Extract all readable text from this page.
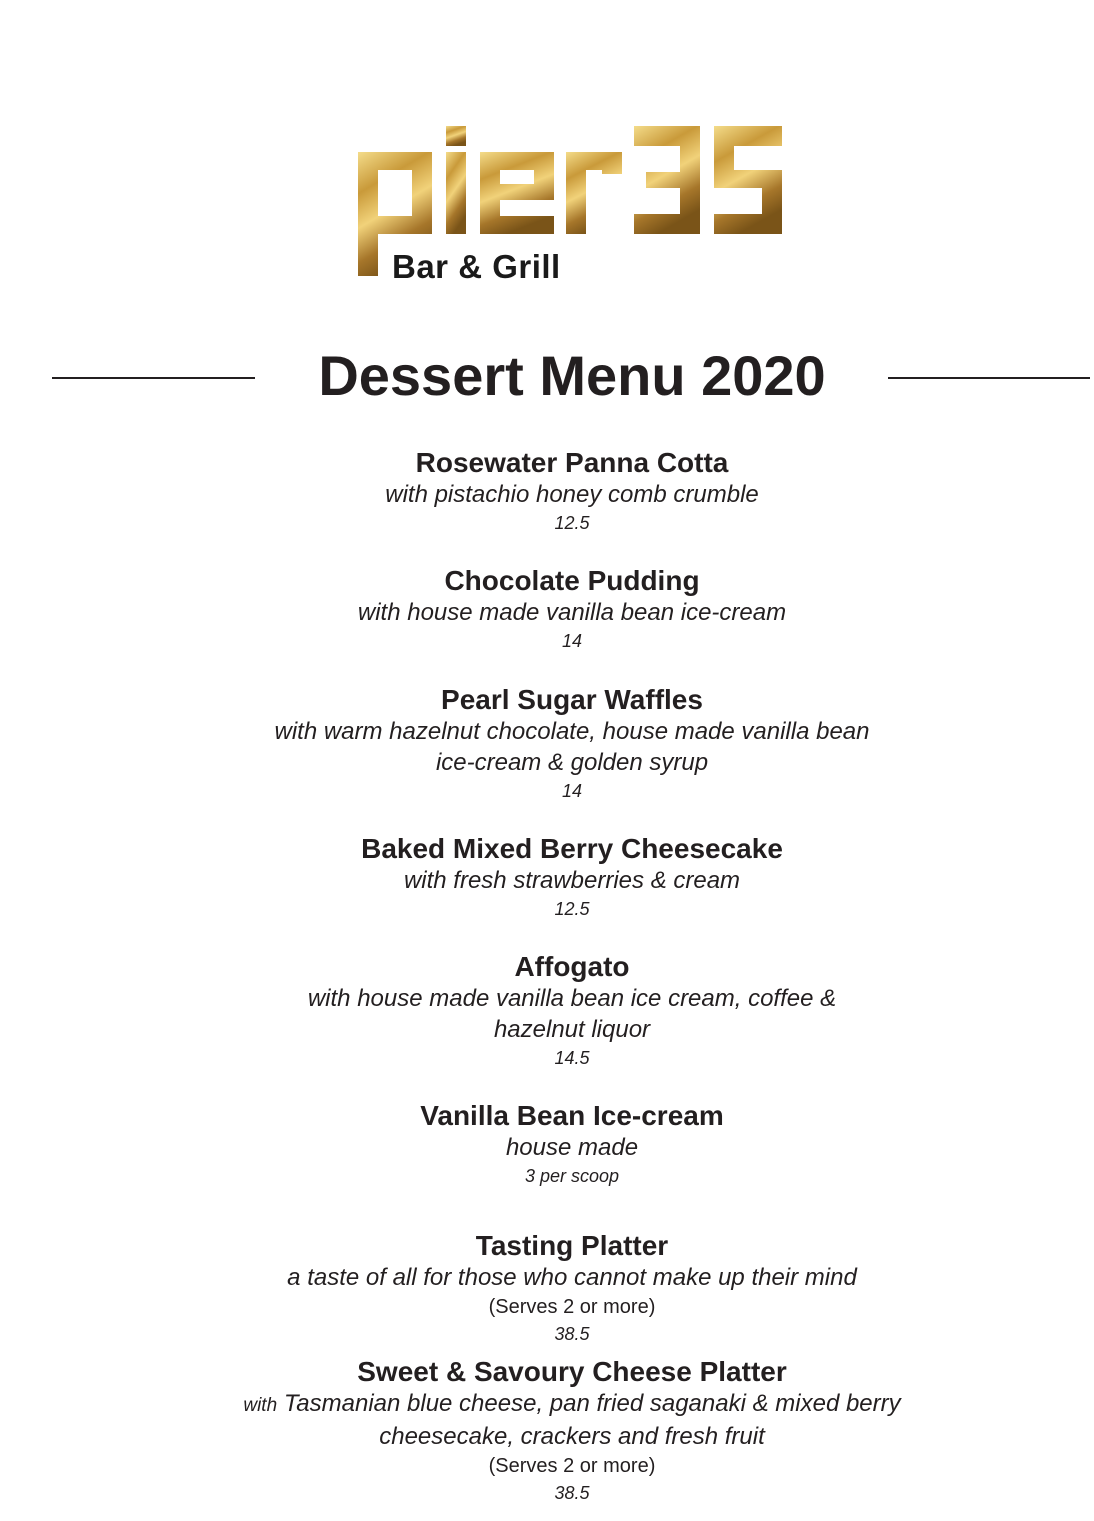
Bar & Grill
Dessert Menu 2020
Rosewater Panna Cotta
with pistachio honey comb crumble
12.5
Chocolate Pudding
with house made vanilla bean ice-cream
14
Pearl Sugar Waffles
with warm hazelnut chocolate, house made vanilla bean
ice-cream & golden syrup
14
Baked Mixed Berry Cheesecake
with fresh strawberries & cream
12.5
Affogato
with house made vanilla bean ice cream, coffee &
hazelnut liquor
14.5
Vanilla Bean Ice-cream
house made
3 per scoop
Tasting Platter
a taste of all for those who cannot make up their mind
(Serves 2 or more)
38.5
Sweet & Savoury Cheese Platter
with Tasmanian blue cheese, pan fried saganaki & mixed berry
cheesecake, crackers and fresh fruit
(Serves 2 or more)
38.5
